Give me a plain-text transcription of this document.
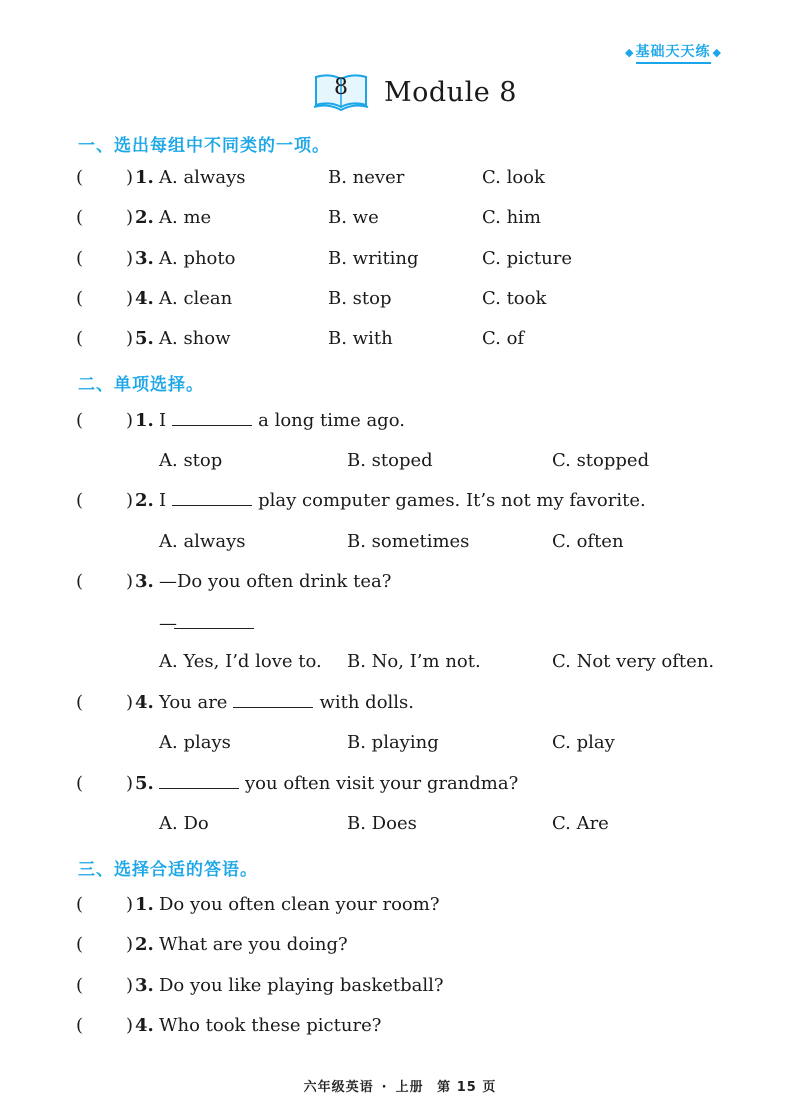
◆ 基础天天练 ◆
8	Module 8
一、选出每组中不同类的一项。
( ) 1. A. always	B. never	C. look
( ) 2. A. me	B. we	C. him
( ) 3. A. photo	B. writing	C. picture
( ) 4. A. clean	B. stop	C. took
( ) 5. A. show	B. with	C. of
二、单项选择。
( ) 1. I	a long time ago.
A. stop	B. stoped	C. stopped
( ) 2. I	play computer games. It’s not my favorite.
A. always	B. sometimes	C. often
( ) 3. —Do you often drink tea?
—
A. Yes, I’d love to. B. No, I’m not.	C. Not very often.
( ) 4. You are	with dolls.
A. plays	B. playing	C. play
( ) 5.	you often visit your grandma?
A. Do	B. Does	C. Are
三、选择合适的答语。
( ) 1. Do you often clean your room?
( ) 2. What are you doing?
( ) 3. Do you like playing basketball?
( ) 4. Who took these picture?
六年级英语 · 上册 第 15 页
